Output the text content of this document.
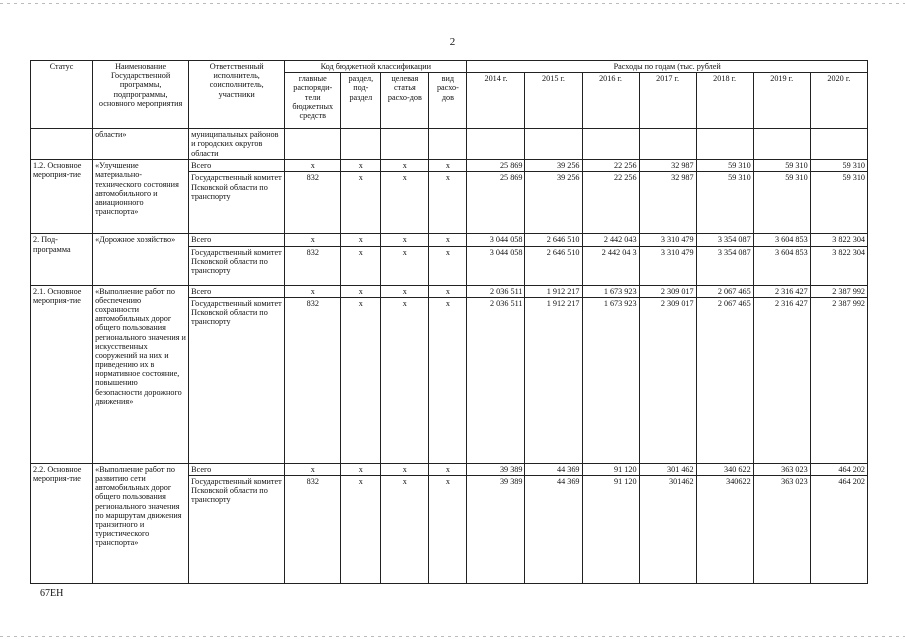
2
Статус	Наименование Государственной программы, подпрограммы, основного мероприятия	Ответственный исполнитель, соисполнитель, участники	Код бюджетной классификации				Расходы по годам (тыс. рублей						
			главные распоряди-тели бюджетных средств	раздел, под-раздел	целевая статья расхо-дов	вид расхо-дов	2014 г.	2015 г.	2016 г.	2017 г.	2018 г.	2019 г.	2020 г.
	области»	муниципальных районов и городских округов области											
1.2. Основное мероприя-тие	«Улучшение материально-технического состояния автомобильного и авиационного транспорта»	Всего	х	х	х	х	25 869	39 256	22 256	32 987	59 310	59 310	59 310
		Государственный комитет Псковской области по транспорту	832	х	х	х	25 869	39 256	22 256	32 987	59 310	59 310	59 310
2. Под-программа	«Дорожное хозяйство»	Всего	х	х	х	х	3 044 058	2 646 510	2 442 043	3 310 479	3 354 087	3 604 853	3 822 304
		Государственный комитет Псковской области по транспорту	832	х	х	х	3 044 058	2 646 510	2 442 04 3	3 310 479	3 354 087	3 604 853	3 822 304
2.1. Основное мероприя-тие	«Выполнение работ по обеспечению сохранности автомобильных дорог общего пользования регионального значения и искусственных сооружений на них и приведению их в нормативное состояние, повышению безопасности дорожного движения»	Всего	х	х	х	х	2 036 511	1 912 217	1 673 923	2 309 017	2 067 465	2 316 427	2 387 992
		Государственный комитет Псковской области по транспорту	832	х	х	х	2 036 511	1 912 217	1 673 923	2 309 017	2 067 465	2 316 427	2 387 992
2.2. Основное мероприя-тие	«Выполнение работ по развитию сети автомобильных дорог общего пользования регионального значения по маршрутам движения транзитного и туристического транспорта»	Всего	х	х	х	х	39 389	44 369	91 120	301 462	340 622	363 023	464 202
		Государственный комитет Псковской области по транспорту	832	х	х	х	39 389	44 369	91 120	301462	340622	363 023	464 202
67EH
